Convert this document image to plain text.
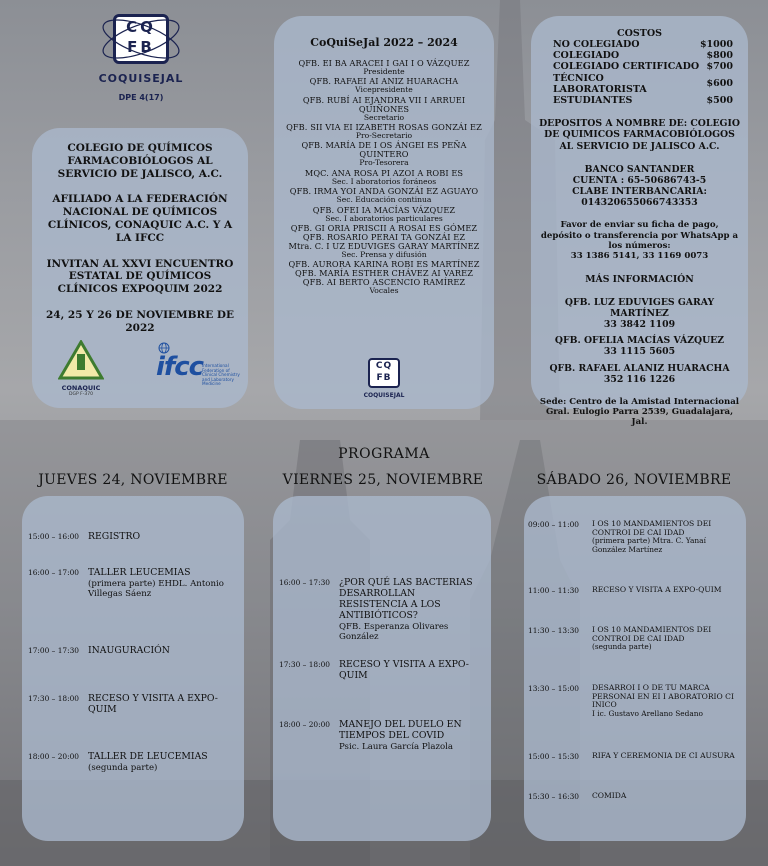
CQ
FB
COQUISEJAL
DPE 4(17)
COLEGIO DE QUÍMICOS FARMACOBIÓLOGOS AL SERVICIO DE JALISCO, A.C.
AFILIADO A LA FEDERACIÓN NACIONAL DE QUÍMICOS CLÍNICOS, CONAQUIC A.C. Y A LA IFCC
INVITAN AL XXVI ENCUENTRO ESTATAL DE QUÍMICOS CLÍNICOS EXPOQUIM 2022
24, 25 Y 26 DE NOVIEMBRE DE 2022
CONAQUIC
DGP F-370
ifcc
International Federation of Clinical Chemistry and Laboratory Medicine
CoQuiSeJal 2022 – 2024
QFB. EI BA ARACEI I GAI I O VÁZQUEZ
Presidente
QFB. RAFAEI AI ANIZ HUARACHA
Vicepresidente
QFB. RUBÍ AI EJANDRA VII I ARRUEI QUIÑONES
Secretario
QFB. SII VIA EI IZABETH ROSAS GONZÁI EZ
Pro-Secretario
QFB. MARÍA DE I OS ÁNGEI ES PEÑA QUINTERO
Pro-Tesorera
MQC. ANA ROSA PI AZOI A ROBI ES
Sec. I aboratorios foráneos
QFB. IRMA YOI ANDA GONZÁI EZ AGUAYO
Sec. Educación continua
QFB. OFEI IA MACÍAS VÁZQUEZ
Sec. I aboratorios particulares
QFB. GI ORIA PRISCII A ROSAI ES GÓMEZ
QFB. ROSARIO PERAI TA GONZÁI EZ
Mtra. C. I UZ EDUVIGES GARAY MARTÍNEZ
Sec. Prensa y difusión
QFB. AURORA KARINA ROBI ES MARTÍNEZ
QFB. MARÍA ESTHER CHÁVEZ AI VAREZ
QFB. AI BERTO ASCENCIO RAMÍREZ
Vocales
CQ
FB
COQUISEJAL
COSTOS
NO COLEGIADO	$1000
COLEGIADO	$800
COLEGIADO CERTIFICADO	$700
TÉCNICO LABORATORISTA	$600
ESTUDIANTES	$500
DEPOSITOS A NOMBRE DE: COLEGIO DE QUIMICOS FARMACOBIÓLOGOS AL SERVICIO DE JALISCO A.C.
BANCO SANTANDER
CUENTA : 65-50686743-5
CLABE INTERBANCARIA:
014320655066743353
Favor de enviar su ficha de pago, depósito o transferencia por WhatsApp a los números:
33 1386 5141, 33 1169 0073
MÁS INFORMACIÓN
QFB. LUZ EDUVIGES GARAY MARTÍNEZ
33 3842 1109
QFB. OFELIA MACÍAS VÁZQUEZ
33 1115 5605
QFB. RAFAEL ALANIZ HUARACHA
352 116 1226
Sede: Centro de la Amistad Internacional Gral. Eulogio Parra 2539, Guadalajara, Jal.
PROGRAMA
JUEVES 24, NOVIEMBRE	VIERNES 25, NOVIEMBRE	SÁBADO 26, NOVIEMBRE
15:00 – 16:00 REGISTRO
16:00 – 17:00 TALLER LEUCEMIAS
(primera parte) EHDL. Antonio Villegas Sáenz
17:00 – 17:30 INAUGURACIÓN
17:30 – 18:00 RECESO Y VISITA A EXPO-QUIM
18:00 – 20:00 TALLER DE LEUCEMIAS
(segunda parte)
16:00 – 17:30 ¿POR QUÉ LAS BACTERIAS DESARROLLAN RESISTENCIA A LOS ANTIBIÓTICOS?
QFB. Esperanza Olivares González
17:30 – 18:00 RECESO Y VISITA A EXPO-QUIM
18:00 – 20:00 MANEJO DEL DUELO EN TIEMPOS DEL COVID
Psic. Laura García Plazola
09:00 – 11:00 I OS 10 MANDAMIENTOS DEI CONTROI DE CAI IDAD
(primera parte) Mtra. C. Yanaí González Martínez
11:00 – 11:30 RECESO Y VISITA A EXPO-QUIM
11:30 – 13:30 I OS 10 MANDAMIENTOS DEI CONTROI DE CAI IDAD
(segunda parte)
13:30 – 15:00 DESARROI I O DE TU MARCA PERSONAI EN EI I ABORATORIO CI INICO
I ic. Gustavo Arellano Sedano
15:00 – 15:30 RIFA Y CEREMONIA DE CI AUSURA
15:30 – 16:30 COMIDA
